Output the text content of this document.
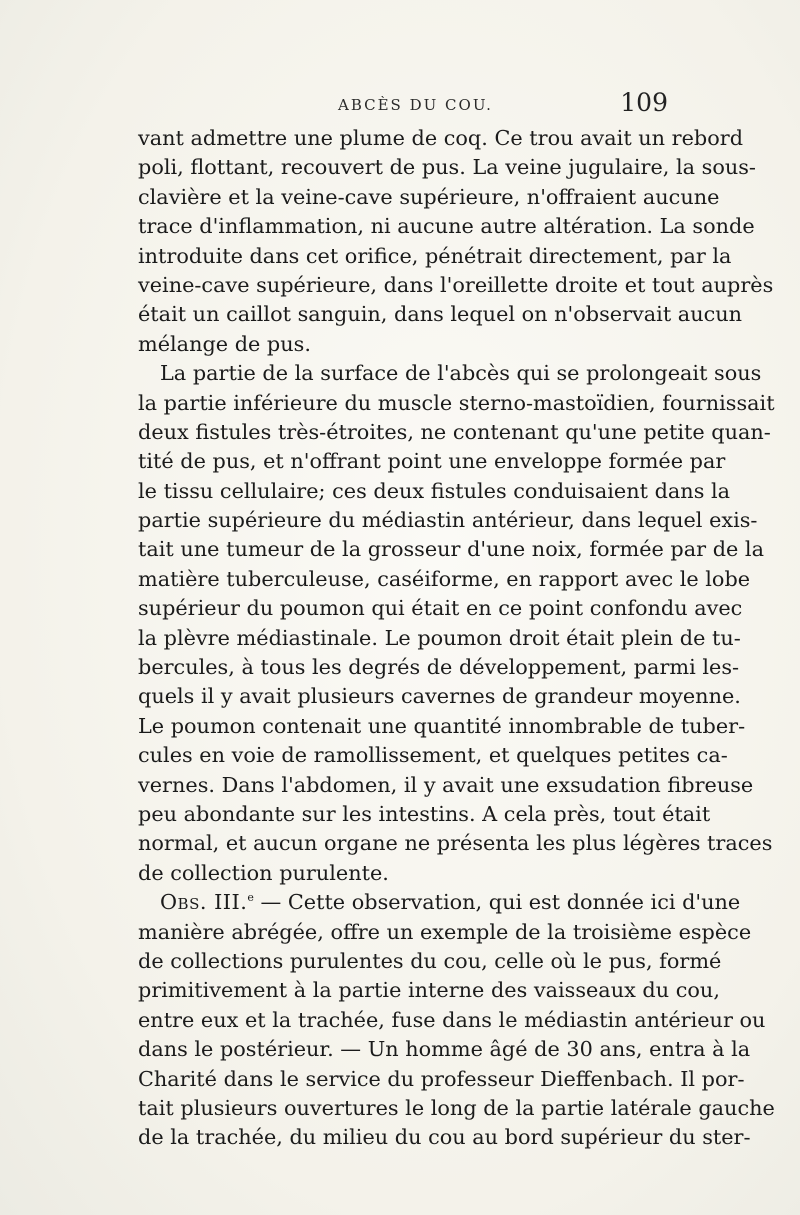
ABCÈS DU COU.	109
vant admettre une plume de coq. Ce trou avait un rebord
poli, flottant, recouvert de pus. La veine jugulaire, la sous-
clavière et la veine-cave supérieure, n'offraient aucune
trace d'inflammation, ni aucune autre altération. La sonde
introduite dans cet orifice, pénétrait directement, par la
veine-cave supérieure, dans l'oreillette droite et tout auprès
était un caillot sanguin, dans lequel on n'observait aucun
mélange de pus.
La partie de la surface de l'abcès qui se prolongeait sous
la partie inférieure du muscle sterno-mastoïdien, fournissait
deux fistules très-étroites, ne contenant qu'une petite quan-
tité de pus, et n'offrant point une enveloppe formée par
le tissu cellulaire; ces deux fistules conduisaient dans la
partie supérieure du médiastin antérieur, dans lequel exis-
tait une tumeur de la grosseur d'une noix, formée par de la
matière tuberculeuse, caséiforme, en rapport avec le lobe
supérieur du poumon qui était en ce point confondu avec
la plèvre médiastinale. Le poumon droit était plein de tu-
bercules, à tous les degrés de développement, parmi les-
quels il y avait plusieurs cavernes de grandeur moyenne.
Le poumon contenait une quantité innombrable de tuber-
cules en voie de ramollissement, et quelques petites ca-
vernes. Dans l'abdomen, il y avait une exsudation fibreuse
peu abondante sur les intestins. A cela près, tout était
normal, et aucun organe ne présenta les plus légères traces
de collection purulente.
Obs. III.$^e$ — Cette observation, qui est donnée ici d'une
manière abrégée, offre un exemple de la troisième espèce
de collections purulentes du cou, celle où le pus, formé
primitivement à la partie interne des vaisseaux du cou,
entre eux et la trachée, fuse dans le médiastin antérieur ou
dans le postérieur. — Un homme âgé de 30 ans, entra à la
Charité dans le service du professeur Dieffenbach. Il por-
tait plusieurs ouvertures le long de la partie latérale gauche
de la trachée, du milieu du cou au bord supérieur du ster-
